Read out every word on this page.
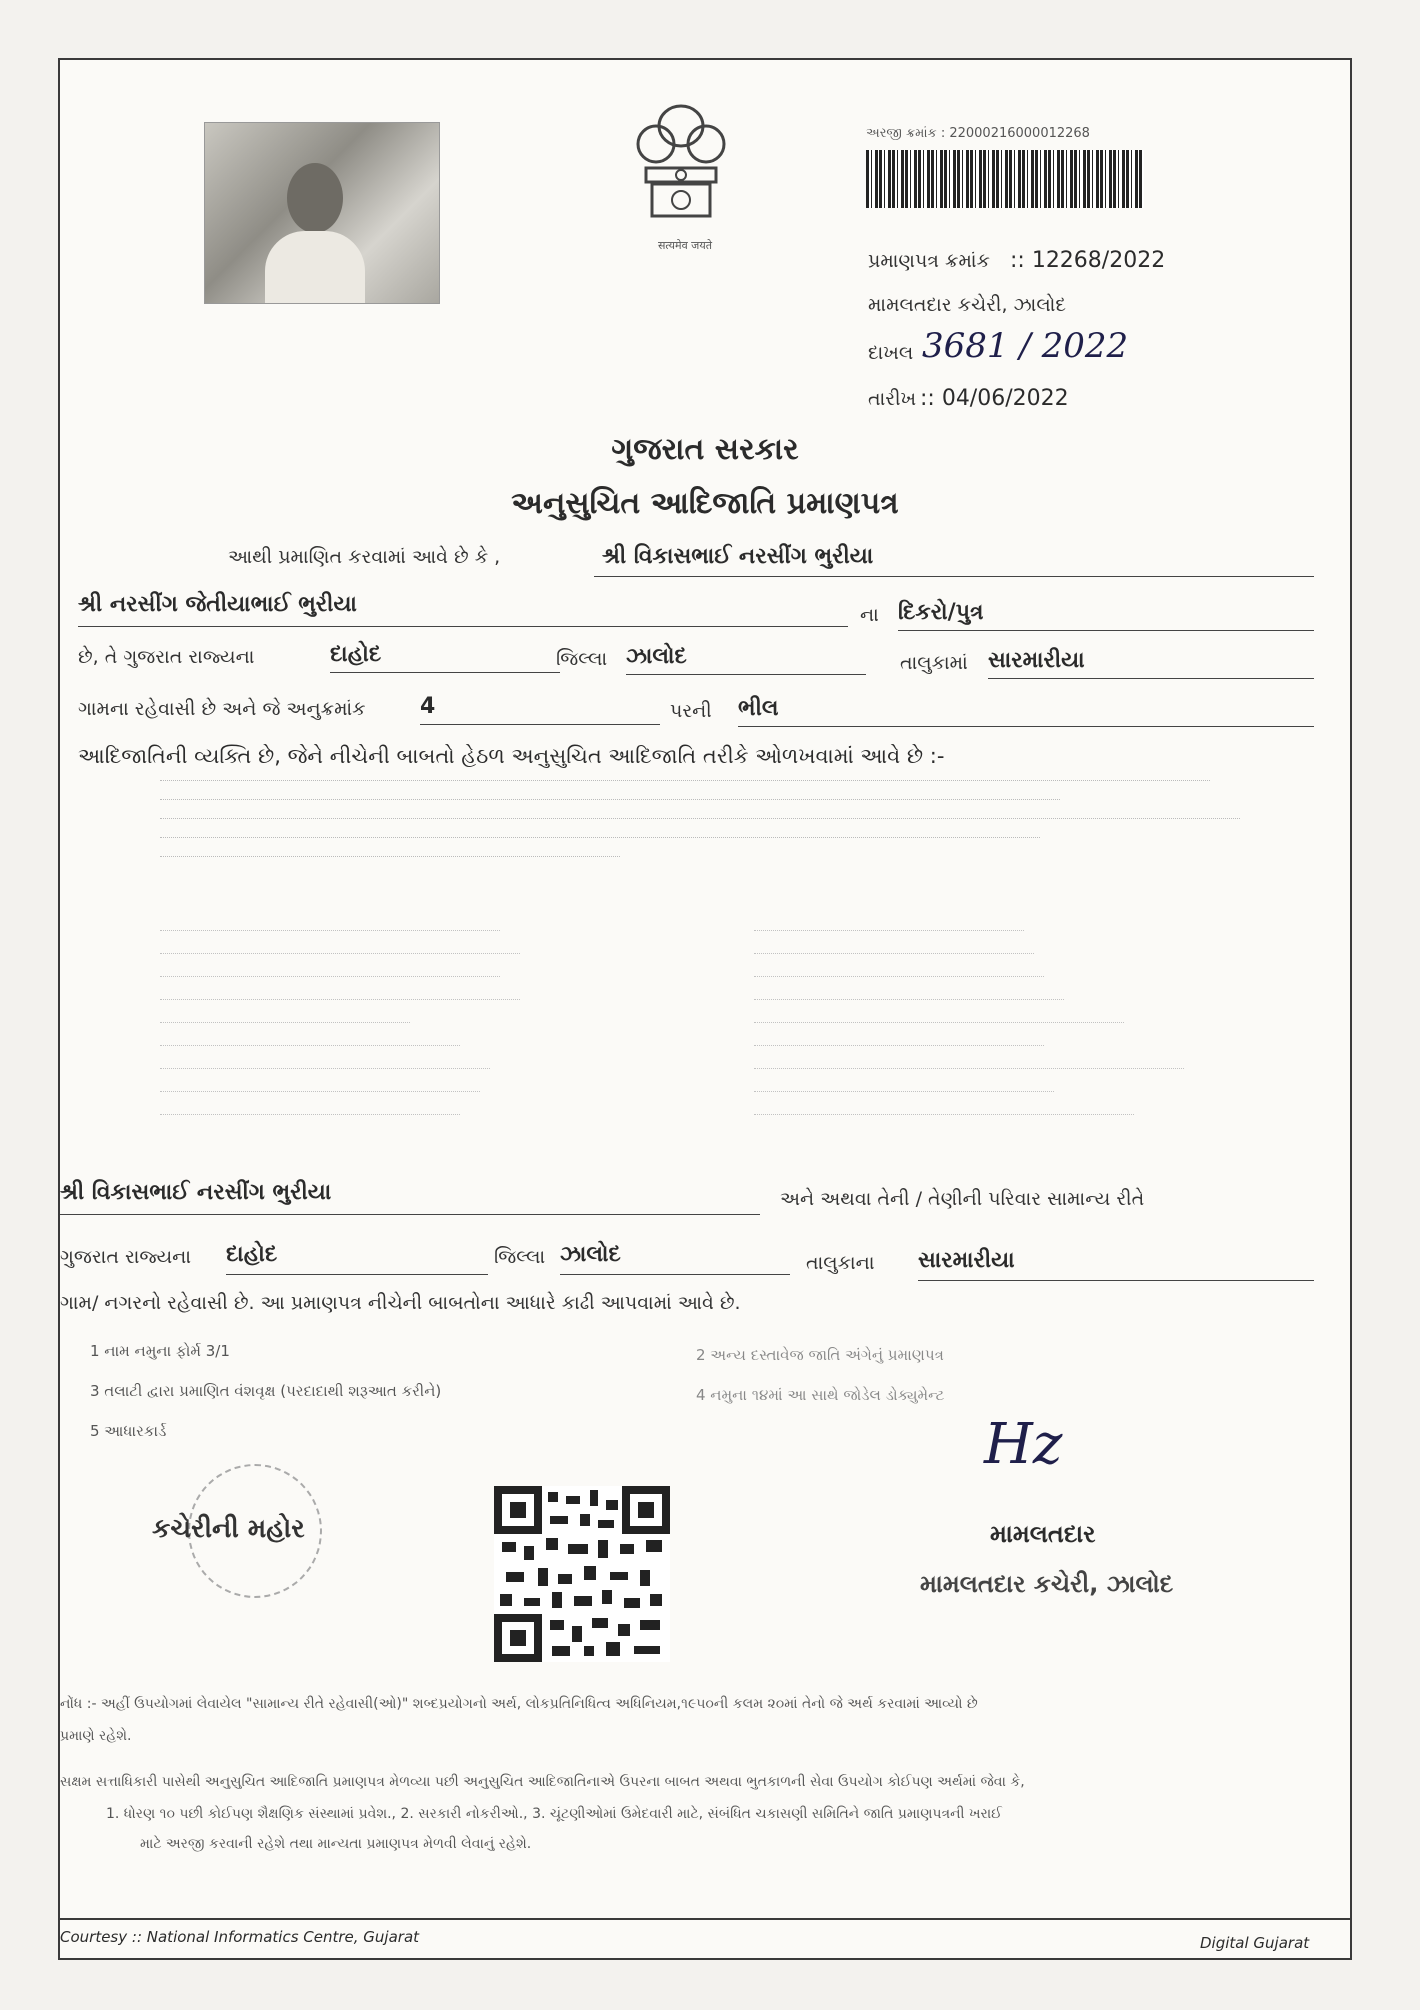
सत्यमेव जयते
અરજી ક્રમાંક : 22000216000012268
પ્રમાણપત્ર ક્રમાંક :: 12268/2022
મામલતદાર કચેરી, ઝાલોદ
દાખલ 3681 / 2022
તારીખ :: 04/06/2022
ગુજરાત સરકાર
અનુસુચિત આદિજાતિ પ્રમાણપત્ર
આથી પ્રમાણિત કરવામાં આવે છે કે ,	શ્રી વિકાસભાઈ નરસીંગ ભુરીયા
શ્રી નરસીંગ જેતીયાભાઈ ભુરીયા	ના દિકરો/પુત્ર
છે, તે ગુજરાત રાજ્યના	દાહોદ	જિલ્લા ઝાલોદ	તાલુકામાં સારમારીયા
ગામના રહેવાસી છે અને જે અનુક્રમાંક 4	પરની ભીલ
આદિજાતિની વ્યક્તિ છે, જેને નીચેની બાબતો હેઠળ અનુસુચિત આદિજાતિ તરીકે ઓળખવામાં આવે છે :-
શ્રી વિકાસભાઈ નરસીંગ ભુરીયા	અને અથવા તેની / તેણીની પરિવાર સામાન્ય રીતે
ગુજરાત રાજ્યના દાહોદ	જિલ્લા ઝાલોદ	તાલુકાના સારમારીયા
ગામ/ નગરનો રહેવાસી છે. આ પ્રમાણપત્ર નીચેની બાબતોના આધારે કાઢી આપવામાં આવે છે.
1 નામ નમુના ફોર્મ 3/1	2 અન્ય દસ્તાવેજ જાતિ અંગેનું પ્રમાણપત્ર
3 તલાટી દ્વારા પ્રમાણિત વંશવૃક્ષ (પરદાદાથી શરૂઆત કરીને)	4 નમુના ૧૪માં આ સાથે જોડેલ ડોક્યુમેન્ટ
5 આધારકાર્ડ
કચેરીની મહોર
Hz
મામલતદાર
મામલતદાર કચેરી, ઝાલોદ
નોંધ :- અહીં ઉપયોગમાં લેવાયેલ "સામાન્ય રીતે રહેવાસી(ઓ)" શબ્દપ્રયોગનો અર્થ, લોકપ્રતિનિધિત્વ અધિનિયમ,૧૯૫૦ની કલમ ૨૦માં તેનો જે અર્થ કરવામાં આવ્યો છે
પ્રમાણે રહેશે.
સક્ષમ સત્તાધિકારી પાસેથી અનુસુચિત આદિજાતિ પ્રમાણપત્ર મેળવ્યા પછી અનુસુચિત આદિજાતિનાએ ઉપરના બાબત અથવા ભુતકાળની સેવા ઉપયોગ કોઈપણ અર્થમાં જેવા કે,
1. ધોરણ ૧૦ પછી કોઈપણ શૈક્ષણિક સંસ્થામાં પ્રવેશ., 2. સરકારી નોકરીઓ., 3. ચૂંટણીઓમાં ઉમેદવારી માટે, સંબંધિત ચકાસણી સમિતિને જાતિ પ્રમાણપત્રની ખરાઈ
માટે અરજી કરવાની રહેશે તથા માન્યતા પ્રમાણપત્ર મેળવી લેવાનું રહેશે.
Courtesy :: National Informatics Centre, Gujarat	Digital Gujarat
